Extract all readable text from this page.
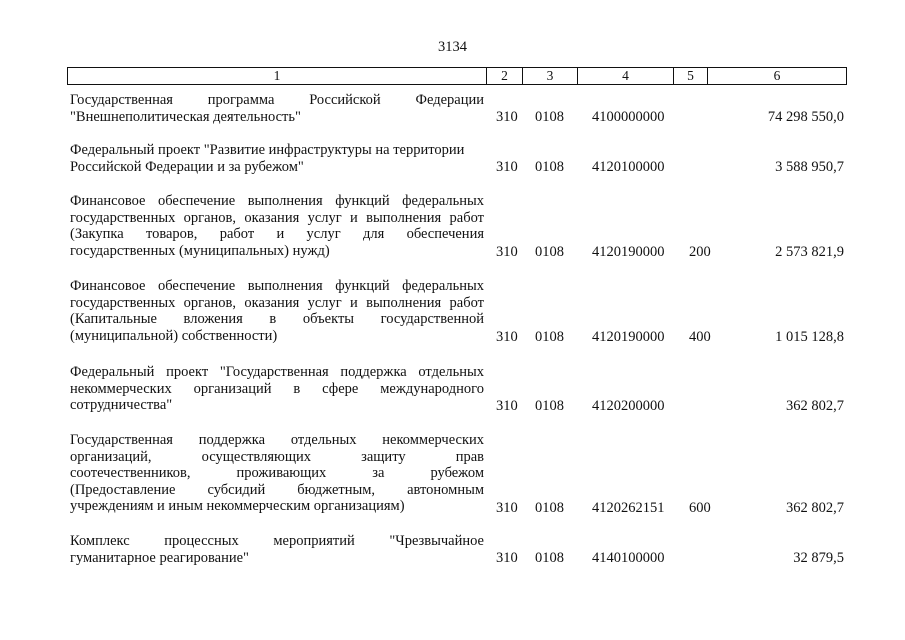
3134
1	2	3	4	5	6
Государственная программа Российской Федерации
"Внешнеполитическая деятельность"	310 0108 4100000000	74 298 550,0
Федеральный проект "Развитие инфраструктуры на территории
Российской Федерации и за рубежом"	310 0108 4120100000	3 588 950,7
Финансовое обеспечение выполнения функций федеральных
государственных органов, оказания услуг и выполнения работ
(Закупка товаров, работ и услуг для обеспечения
государственных (муниципальных) нужд)	310 0108 4120190000 200	2 573 821,9
Финансовое обеспечение выполнения функций федеральных
государственных органов, оказания услуг и выполнения работ
(Капитальные вложения в объекты государственной
(муниципальной) собственности)	310 0108 4120190000 400	1 015 128,8
Федеральный проект "Государственная поддержка отдельных
некоммерческих организаций в сфере международного
сотрудничества"	310 0108 4120200000	362 802,7
Государственная поддержка отдельных некоммерческих
организаций, осуществляющих защиту прав
соотечественников, проживающих за рубежом
(Предоставление субсидий бюджетным, автономным
учреждениям и иным некоммерческим организациям)	310 0108 4120262151 600	362 802,7
Комплекс процессных мероприятий "Чрезвычайное
гуманитарное реагирование"	310 0108 4140100000	32 879,5
